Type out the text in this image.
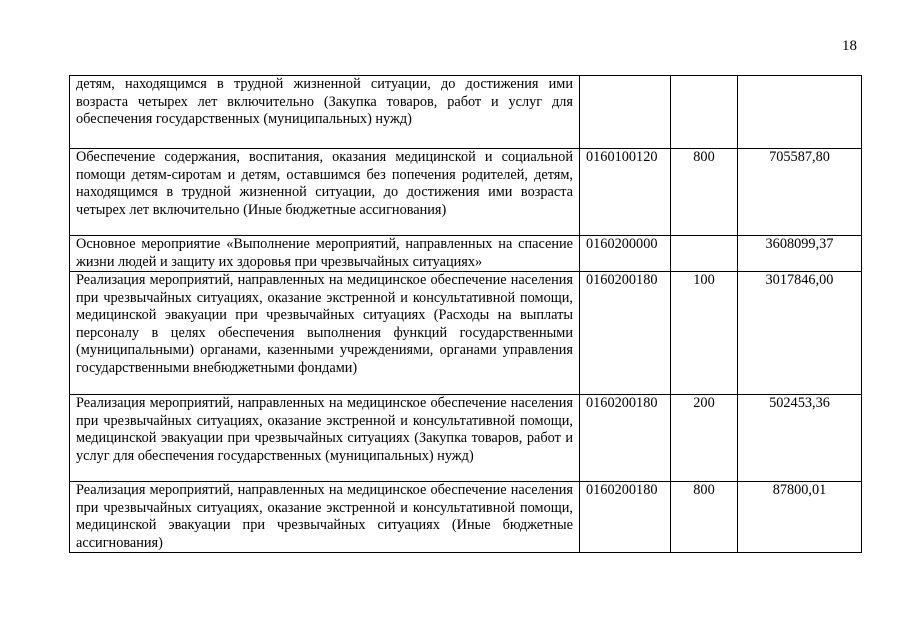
18
детям, находящимся в трудной жизненной ситуации, до достижения ими возраста четырех лет включительно (Закупка товаров, работ и услуг для обеспечения государственных (муниципальных) нужд)			
Обеспечение содержания, воспитания, оказания медицинской и социальной помощи детям-сиротам и детям, оставшимся без попечения родителей, детям, находящимся в трудной жизненной ситуации, до достижения ими возраста четырех лет включительно (Иные бюджетные ассигнования)	0160100120	800	705587,80
Основное мероприятие «Выполнение мероприятий, направленных на спасение жизни людей и защиту их здоровья при чрезвычайных ситуациях»	0160200000		3608099,37
Реализация мероприятий, направленных на медицинское обеспечение населения при чрезвычайных ситуациях, оказание экстренной и консультативной помощи, медицинской эвакуации при чрезвычайных ситуациях (Расходы на выплаты персоналу в целях обеспечения выполнения функций государственными (муниципальными) органами, казенными учреждениями, органами управления государственными внебюджетными фондами)	0160200180	100	3017846,00
Реализация мероприятий, направленных на медицинское обеспечение населения при чрезвычайных ситуациях, оказание экстренной и консультативной помощи, медицинской эвакуации при чрезвычайных ситуациях (Закупка товаров, работ и услуг для обеспечения государственных (муниципальных) нужд)	0160200180	200	502453,36
Реализация мероприятий, направленных на медицинское обеспечение населения при чрезвычайных ситуациях, оказание экстренной и консультативной помощи, медицинской эвакуации при чрезвычайных ситуациях (Иные бюджетные ассигнования)	0160200180	800	87800,01
